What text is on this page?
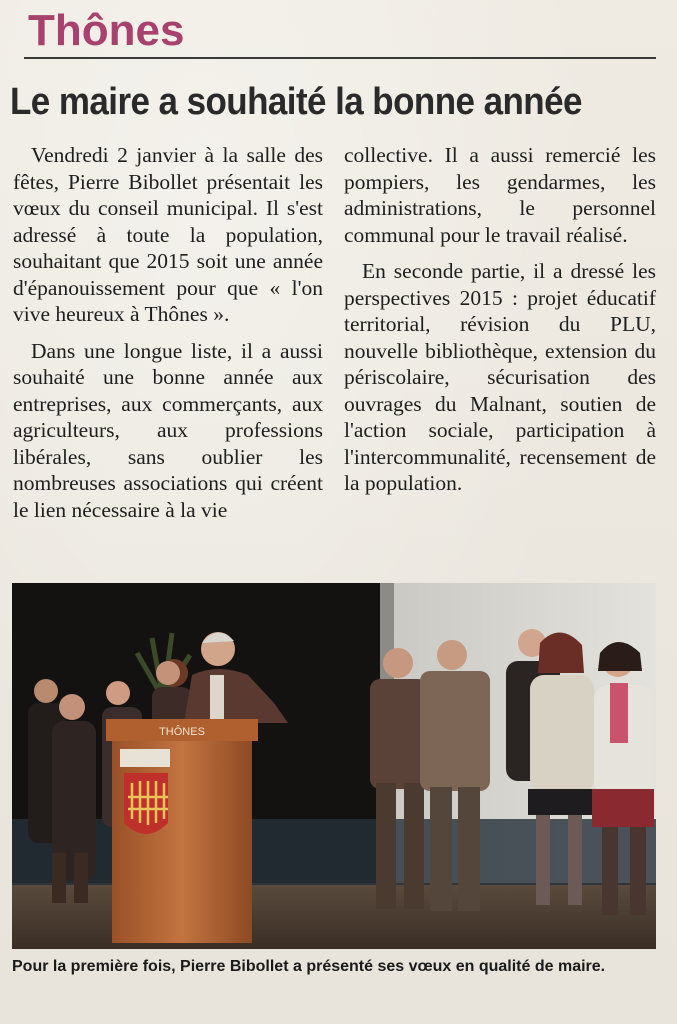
Thônes
Le maire a souhaité la bonne année

Vendredi 2 janvier à la salle des fêtes, Pierre Bibollet présentait les vœux du conseil municipal. Il s'est adressé à toute la population, souhaitant que 2015 soit une année d'épanouissement pour que « l'on vive heureux à Thônes ».

Dans une longue liste, il a aussi souhaité une bonne année aux entreprises, aux commerçants, aux agriculteurs, aux professions libérales, sans oublier les nombreuses associations qui créent le lien nécessaire à la vie

collective. Il a aussi remercié les pompiers, les gendarmes, les administrations, le personnel communal pour le travail réalisé.

En seconde partie, il a dressé les perspectives 2015 : projet éducatif territorial, révision du PLU, nouvelle bibliothèque, extension du périscolaire, sécurisation des ouvrages du Malnant, soutien de l'action sociale, participation à l'intercommunalité, recensement de la population.

THÔNES
Pour la première fois, Pierre Bibollet a présenté ses vœux en qualité de maire.
